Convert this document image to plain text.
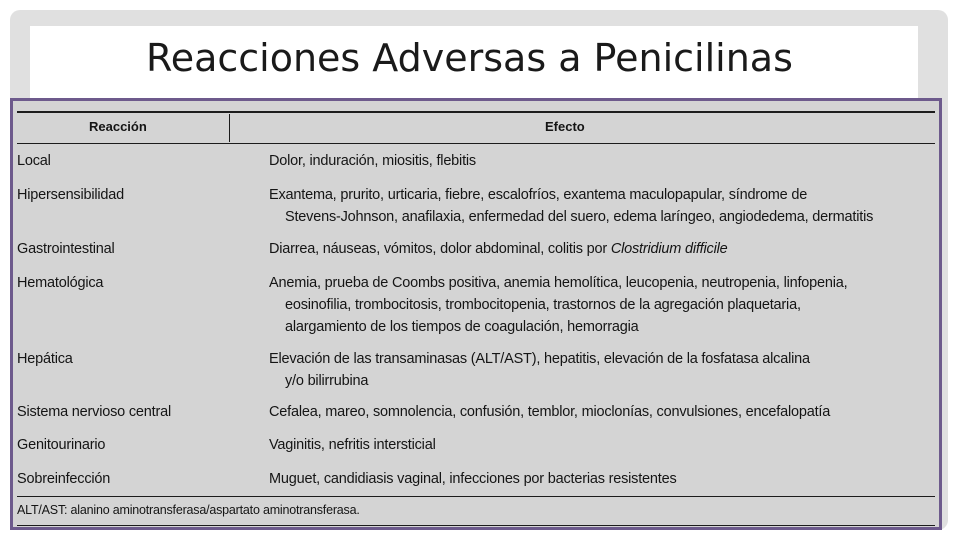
Reacciones Adversas a Penicilinas
Reacción	Efecto
Local	Dolor, induración, miositis, flebitis
Hipersensibilidad	Exantema, prurito, urticaria, fiebre, escalofríos, exantema maculopapular, síndrome de
Stevens-Johnson, anafilaxia, enfermedad del suero, edema laríngeo, angiodedema, dermatitis
Gastrointestinal	Diarrea, náuseas, vómitos, dolor abdominal, colitis por Clostridium difficile
Hematológica	Anemia, prueba de Coombs positiva, anemia hemolítica, leucopenia, neutropenia, linfopenia,
eosinofilia, trombocitosis, trombocitopenia, trastornos de la agregación plaquetaria,
alargamiento de los tiempos de coagulación, hemorragia
Hepática	Elevación de las transaminasas (ALT/AST), hepatitis, elevación de la fosfatasa alcalina
y/o bilirrubina
Sistema nervioso central	Cefalea, mareo, somnolencia, confusión, temblor, mioclonías, convulsiones, encefalopatía
Genitourinario	Vaginitis, nefritis intersticial
Sobreinfección	Muguet, candidiasis vaginal, infecciones por bacterias resistentes
ALT/AST: alanino aminotransferasa/aspartato aminotransferasa.
